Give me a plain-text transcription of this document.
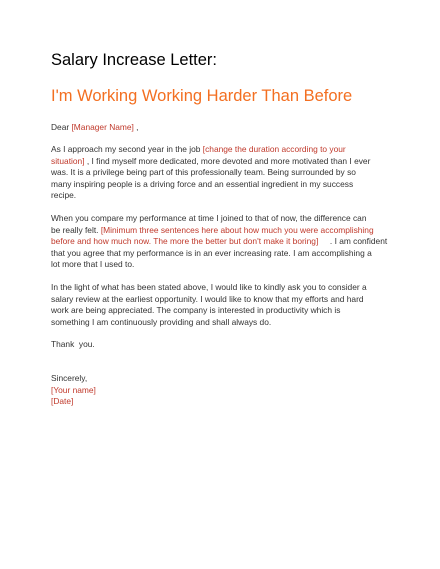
Salary Increase Letter:
I'm Working Working Harder Than Before
Dear [Manager Name] ,
As I approach my second year in the job [change the duration according to your
situation] , I find myself more dedicated, more devoted and more motivated than I ever
was. It is a privilege being part of this professionally team. Being surrounded by so
many inspiring people is a driving force and an essential ingredient in my success
recipe.
When you compare my performance at time I joined to that of now, the difference can
be really felt. [Minimum three sentences here about how much you were accomplishing
before and how much now. The more the better but don't make it boring]     . I am confident
that you agree that my performance is in an ever increasing rate. I am accomplishing a
lot more that I used to.
In the light of what has been stated above, I would like to kindly ask you to consider a
salary review at the earliest opportunity. I would like to know that my efforts and hard
work are being appreciated. The company is interested in productivity which is
something I am continuously providing and shall always do.
Thank  you.
Sincerely,
[Your name]
[Date]
